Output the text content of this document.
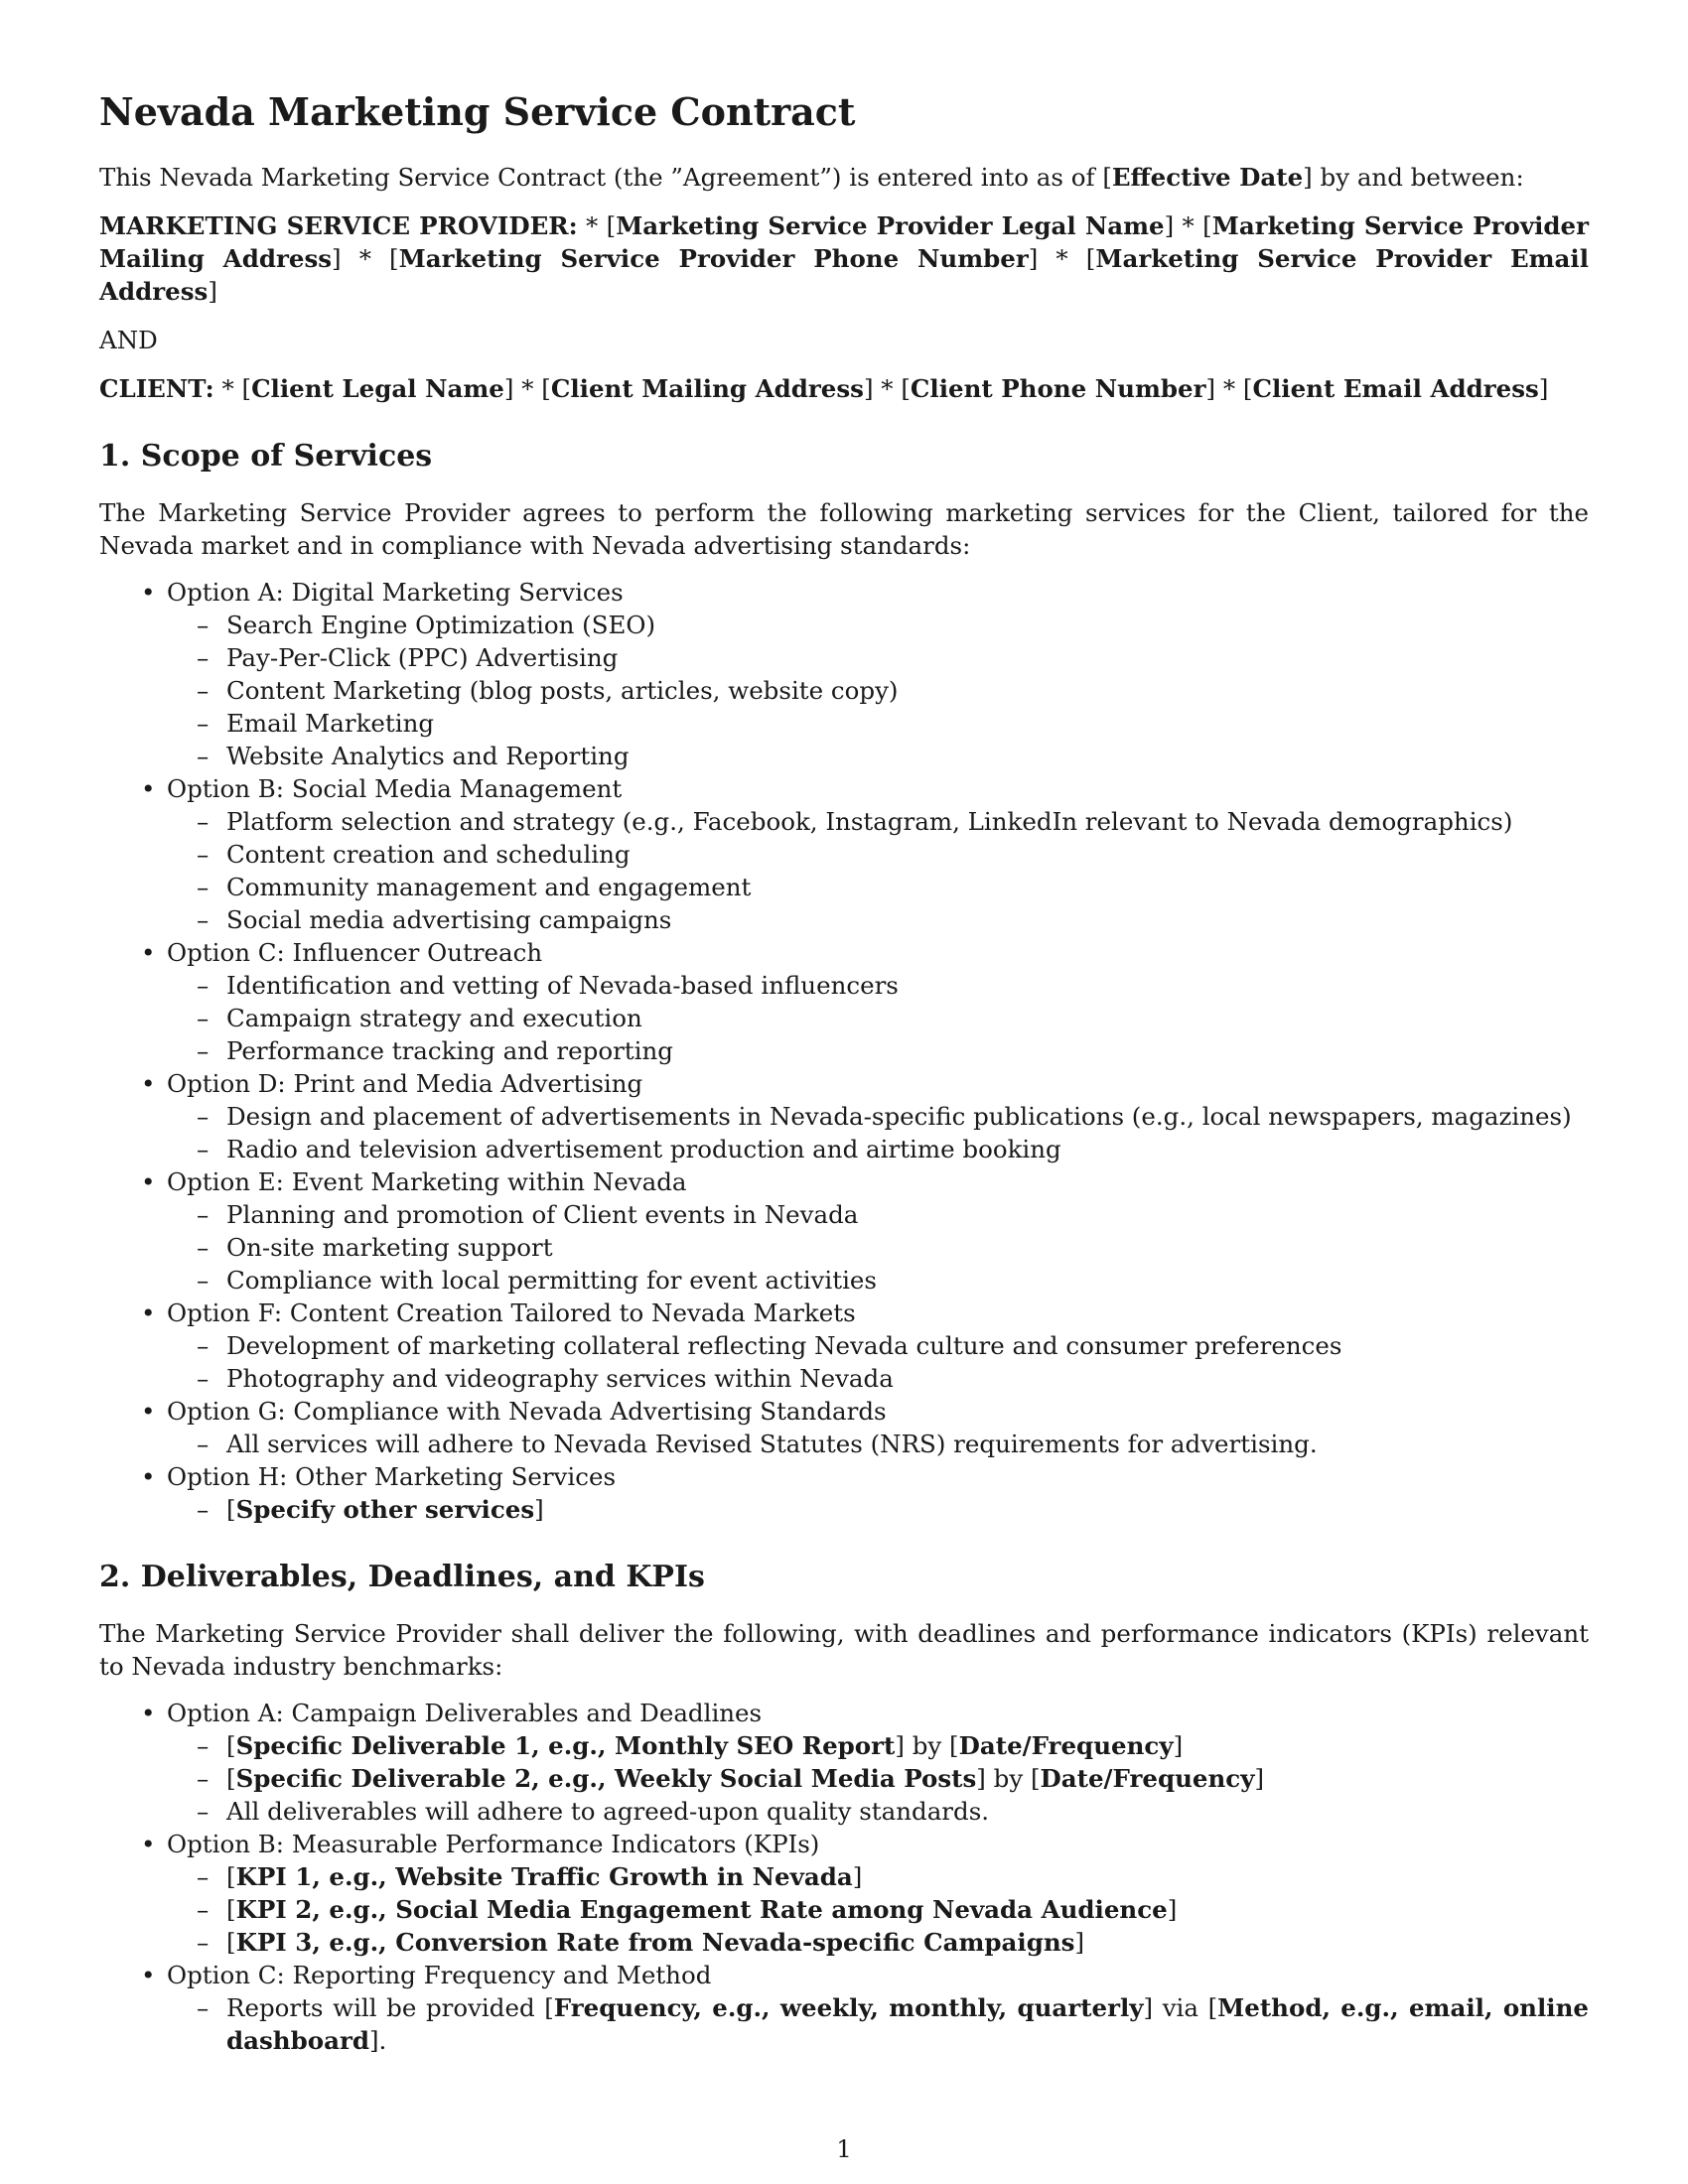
Nevada Marketing Service Contract

This Nevada Marketing Service Contract (the ”Agreement”) is entered into as of [Effective Date] by and between:

MARKETING SERVICE PROVIDER: * [Marketing Service Provider Legal Name] * [Marketing Service Provider Mailing Address] * [Marketing Service Provider Phone Number] * [Marketing Service Provider Email Address]

AND

CLIENT: * [Client Legal Name] * [Client Mailing Address] * [Client Phone Number] * [Client Email Address]

1. Scope of Services

The Marketing Service Provider agrees to perform the following marketing services for the Client, tailored for the Nevada market and in compliance with Nevada advertising standards:

• Option A: Digital Marketing Services
– Search Engine Optimization (SEO)
– Pay-Per-Click (PPC) Advertising
– Content Marketing (blog posts, articles, website copy)
– Email Marketing
– Website Analytics and Reporting
• Option B: Social Media Management
– Platform selection and strategy (e.g., Facebook, Instagram, LinkedIn relevant to Nevada demographics)
– Content creation and scheduling
– Community management and engagement
– Social media advertising campaigns
• Option C: Influencer Outreach
– Identification and vetting of Nevada-based influencers
– Campaign strategy and execution
– Performance tracking and reporting
• Option D: Print and Media Advertising
– Design and placement of advertisements in Nevada-specific publications (e.g., local newspapers, magazines)
– Radio and television advertisement production and airtime booking
• Option E: Event Marketing within Nevada
– Planning and promotion of Client events in Nevada
– On-site marketing support
– Compliance with local permitting for event activities
• Option F: Content Creation Tailored to Nevada Markets
– Development of marketing collateral reflecting Nevada culture and consumer preferences
– Photography and videography services within Nevada
• Option G: Compliance with Nevada Advertising Standards
– All services will adhere to Nevada Revised Statutes (NRS) requirements for advertising.
• Option H: Other Marketing Services
– [Specify other services]
2. Deliverables, Deadlines, and KPIs

The Marketing Service Provider shall deliver the following, with deadlines and performance indicators (KPIs) relevant to Nevada industry benchmarks:

• Option A: Campaign Deliverables and Deadlines
– [Specific Deliverable 1, e.g., Monthly SEO Report] by [Date/Frequency]
– [Specific Deliverable 2, e.g., Weekly Social Media Posts] by [Date/Frequency]
– All deliverables will adhere to agreed-upon quality standards.
• Option B: Measurable Performance Indicators (KPIs)
– [KPI 1, e.g., Website Traffic Growth in Nevada]
– [KPI 2, e.g., Social Media Engagement Rate among Nevada Audience]
– [KPI 3, e.g., Conversion Rate from Nevada-specific Campaigns]
• Option C: Reporting Frequency and Method
– Reports will be provided [Frequency, e.g., weekly, monthly, quarterly] via [Method, e.g., email, online dashboard].
1
